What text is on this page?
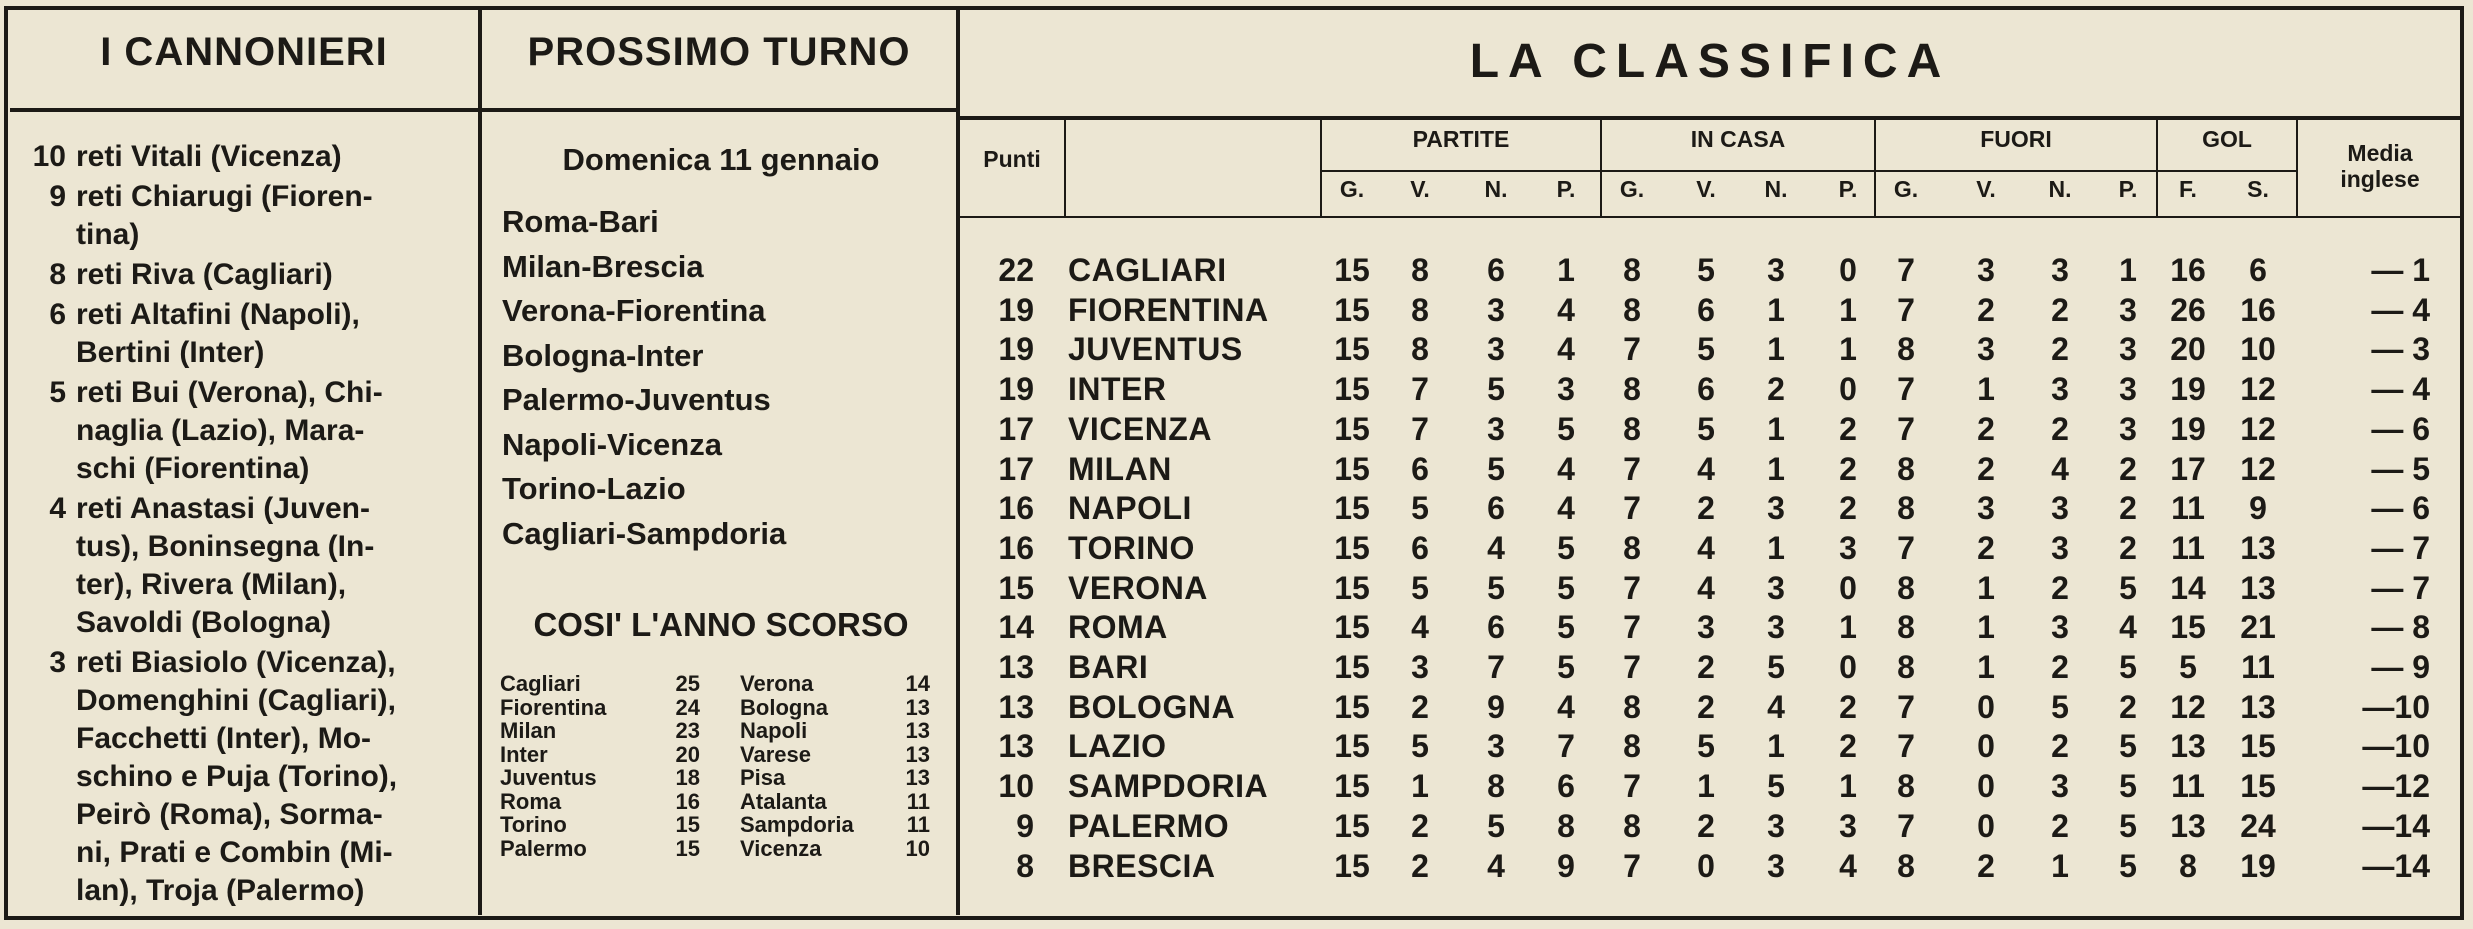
I CANNONIERI	PROSSIMO TURNO	LA CLASSIFICA
10 reti Vitali (Vicenza)
9 reti Chiarugi (Fioren-
tina)
8 reti Riva (Cagliari)
6 reti Altafini (Napoli),
Bertini (Inter)
5 reti Bui (Verona), Chi-
naglia (Lazio), Mara-
schi (Fiorentina)
4 reti Anastasi (Juven-
tus), Boninsegna (In-
ter), Rivera (Milan),
Savoldi (Bologna)
3 reti Biasiolo (Vicenza),
Domenghini (Cagliari),
Facchetti (Inter), Mo-
schino e Puja (Torino),
Peirò (Roma), Sorma-
ni, Prati e Combin (Mi-
lan), Troja (Palermo)
Domenica 11 gennaio
Roma-Bari
Milan-Brescia
Verona-Fiorentina
Bologna-Inter
Palermo-Juventus
Napoli-Vicenza
Torino-Lazio
Cagliari-Sampdoria
COSI' L'ANNO SCORSO
Cagliari	25 Verona	14
Fiorentina	24 Bologna	13
Milan	23 Napoli	13
Inter	20 Varese	13
Juventus	18 Pisa	13
Roma	16 Atalanta	11
Torino	15 Sampdoria	11
Palermo	15 Vicenza	10
Punti
PARTITE	IN CASA	FUORI	GOL
Media
inglese
G.	V.	N.	P.	G.	V.	N.	P.	G.	V.	N.	P.	F.	S.
22 CAGLIARI	15	8	6	1	8	5	3	0	7	3	3	1	16	6	— 1
19 FIORENTINA	15	8	3	4	8	6	1	1	7	2	2	3	26	16	— 4
19 JUVENTUS	15	8	3	4	7	5	1	1	8	3	2	3	20	10	— 3
19 INTER	15	7	5	3	8	6	2	0	7	1	3	3	19	12	— 4
17 VICENZA	15	7	3	5	8	5	1	2	7	2	2	3	19	12	— 6
17 MILAN	15	6	5	4	7	4	1	2	8	2	4	2	17	12	— 5
16 NAPOLI	15	5	6	4	7	2	3	2	8	3	3	2	11	9	— 6
16 TORINO	15	6	4	5	8	4	1	3	7	2	3	2	11	13	— 7
15 VERONA	15	5	5	5	7	4	3	0	8	1	2	5	14	13	— 7
14 ROMA	15	4	6	5	7	3	3	1	8	1	3	4	15	21	— 8
13 BARI	15	3	7	5	7	2	5	0	8	1	2	5	5	11	— 9
13 BOLOGNA	15	2	9	4	8	2	4	2	7	0	5	2	12	13	—10
13 LAZIO	15	5	3	7	8	5	1	2	7	0	2	5	13	15	—10
10 SAMPDORIA	15	1	8	6	7	1	5	1	8	0	3	5	11	15	—12
9 PALERMO	15	2	5	8	8	2	3	3	7	0	2	5	13	24	—14
8 BRESCIA	15	2	4	9	7	0	3	4	8	2	1	5	8	19	—14
